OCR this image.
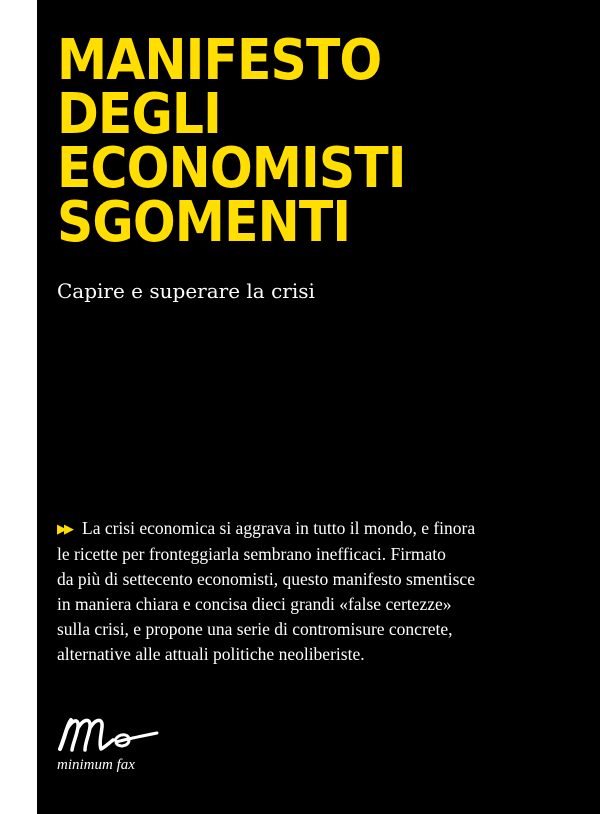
MANIFESTO
DEGLI
ECONOMISTI
SGOMENTI
Capire e superare la crisi
▶▶ La crisi economica si aggrava in tutto il mondo, e finora
le ricette per fronteggiarla sembrano inefficaci. Firmato
da più di settecento economisti, questo manifesto smentisce
in maniera chiara e concisa dieci grandi «false certezze»
sulla crisi, e propone una serie di contromisure concrete,
alternative alle attuali politiche neoliberiste.
minimum fax
